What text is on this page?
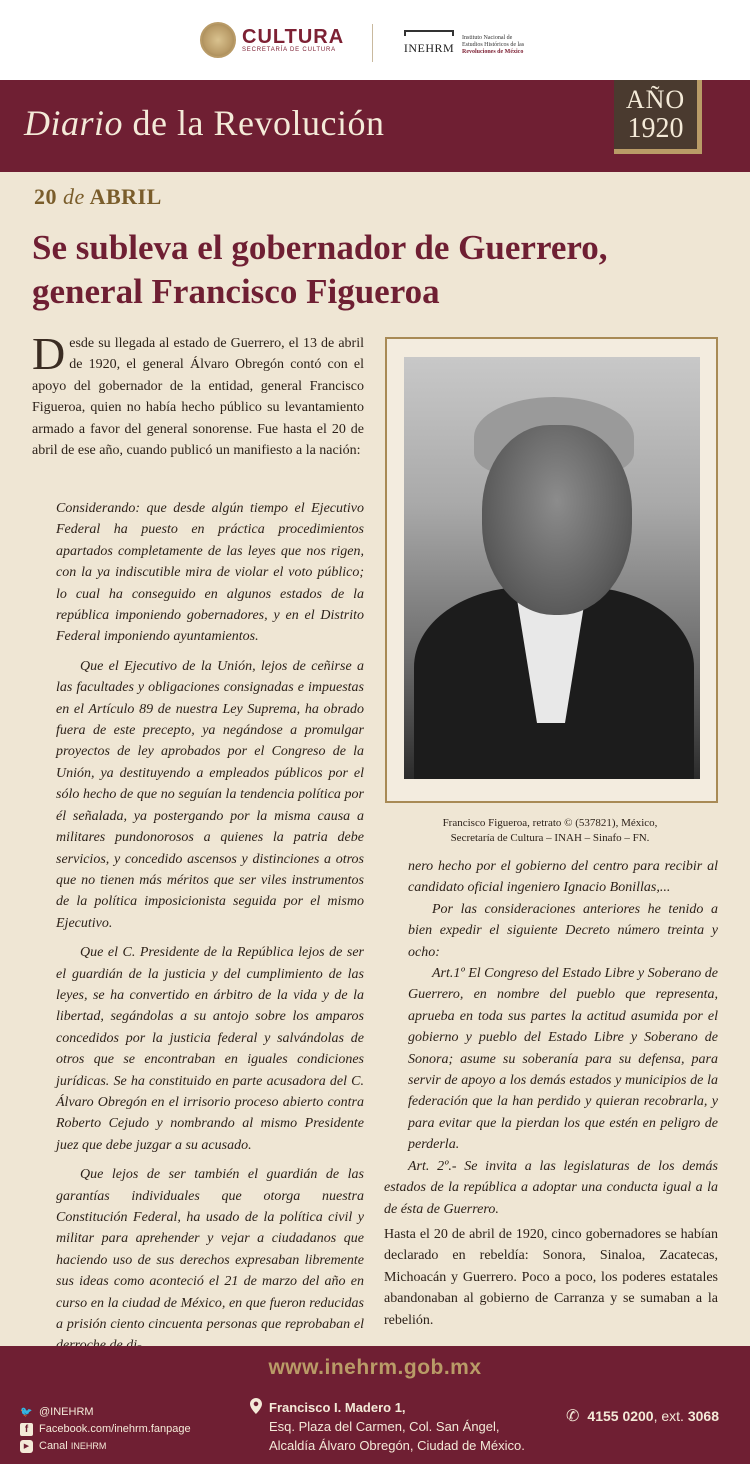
CULTURA
SECRETARÍA DE CULTURA	INEHRM
Instituto Nacional de
Estudios Históricos de las
Revoluciones de México
Diario de la Revolución
AÑO
1920
20 de ABRIL
Se subleva el gobernador de Guerrero,
general Francisco Figueroa
Desde su llegada al estado de Guerrero, el 13 de abril de 1920, el general Álvaro Obregón contó con el apoyo del gobernador de la entidad, general Francisco Figueroa, quien no había hecho público su levantamiento armado a favor del general sonorense. Fue hasta el 20 de abril de ese año, cuando publicó un manifiesto a la nación:

Considerando: que desde algún tiempo el Ejecutivo Federal ha puesto en práctica procedimientos apartados completamente de las leyes que nos rigen, con la ya indiscutible mira de violar el voto público; lo cual ha conseguido en algunos estados de la república imponiendo gobernadores, y en el Distrito Federal imponiendo ayuntamientos.

Que el Ejecutivo de la Unión, lejos de ceñirse a las facultades y obligaciones consignadas e impuestas en el Artículo 89 de nuestra Ley Suprema, ha obrado fuera de este precepto, ya negándose a promulgar proyectos de ley aprobados por el Congreso de la Unión, ya destituyendo a empleados públicos por el sólo hecho de que no seguían la tendencia política por él señalada, ya postergando por la misma causa a militares pundonorosos a quienes la patria debe servicios, y concedido ascensos y distinciones a otros que no tienen más méritos que ser viles instrumentos de la política imposicionista seguida por el mismo Ejecutivo.

Que el C. Presidente de la República lejos de ser el guardián de la justicia y del cumplimiento de las leyes, se ha convertido en árbitro de la vida y de la libertad, segándolas a su antojo sobre los amparos concedidos por la justicia federal y salvándolas de otros que se encontraban en iguales condiciones jurídicas. Se ha constituido en parte acusadora del C. Álvaro Obregón en el irrisorio proceso abierto contra Roberto Cejudo y nombrando al mismo Presidente juez que debe juzgar a su acusado.

Que lejos de ser también el guardián de las garantías individuales que otorga nuestra Constitución Federal, ha usado de la política civil y militar para aprehender y vejar a ciudadanos que haciendo uso de sus derechos expresaban libremente sus ideas como aconteció el 21 de marzo del año en curso en la ciudad de México, en que fueron reducidas a prisión ciento cincuenta personas que reprobaban el

Francisco Figueroa, retrato © (537821), México,
Secretaría de Cultura – INAH – Sinafo – FN.

nero hecho por el gobierno del centro para recibir al candidato oficial ingeniero Ignacio Bonillas,...

Por las consideraciones anteriores he tenido a bien expedir el siguiente Decreto número treinta y ocho:

Art.1º El Congreso del Estado Libre y Soberano de Guerrero, en nombre del pueblo que representa, aprueba en toda sus partes la actitud asumida por el gobierno y pueblo del Estado Libre y Soberano de Sonora; asume su soberanía para su defensa, para servir de apoyo a los demás estados y municipios de la federación que la han perdido y quieran recobrarla, y para evitar que la pierdan los que estén en peligro de perderla.

Art. 2º.- Se invita a las legislaturas de los demás estados de la república a adoptar una conducta igual a la de ésta de Guerrero.

Hasta el 20 de abril de 1920, cinco gobernadores se habían declarado en rebeldía: Sonora, Sinaloa, Zacatecas, Michoacán y Guerrero. Poco a poco, los poderes estatales abandonaban al gobierno de Carranza y se sumaban a la rebelión.
www.inehrm.gob.mx
🐦 @INEHRM
f Facebook.com/inehrm.fanpage
▶ Canal
INEHRM
Francisco I. Madero 1,
Esq. Plaza del Carmen, Col. San Ángel,
Alcaldía Álvaro Obregón, Ciudad de México.
✆ 4155 0200 , ext.
3068
